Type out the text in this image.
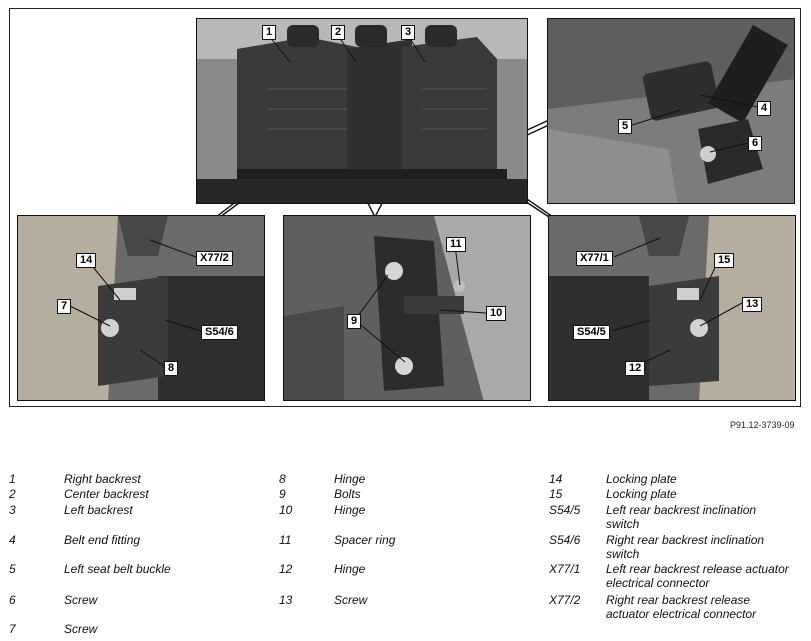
1	2	3
4
5
6
14
7
X77/2
S54/6
8
11
9
10
X77/1	15
13
S54/5
12
P91.12-3739-09
1	Right backrest
2	Center backrest
3	Left backrest
4	Belt end fitting
5	Left seat belt buckle
6	Screw
7	Screw
8	Hinge
9	Bolts
10	Hinge
11	Spacer ring
12	Hinge
13	Screw
14	Locking plate
15	Locking plate
S54/5 Left rear backrest inclination switch
S54/6 Right rear backrest inclination switch
X77/1 Left rear backrest release actuator electrical connector
X77/2 Right rear backrest release actuator electrical connector
